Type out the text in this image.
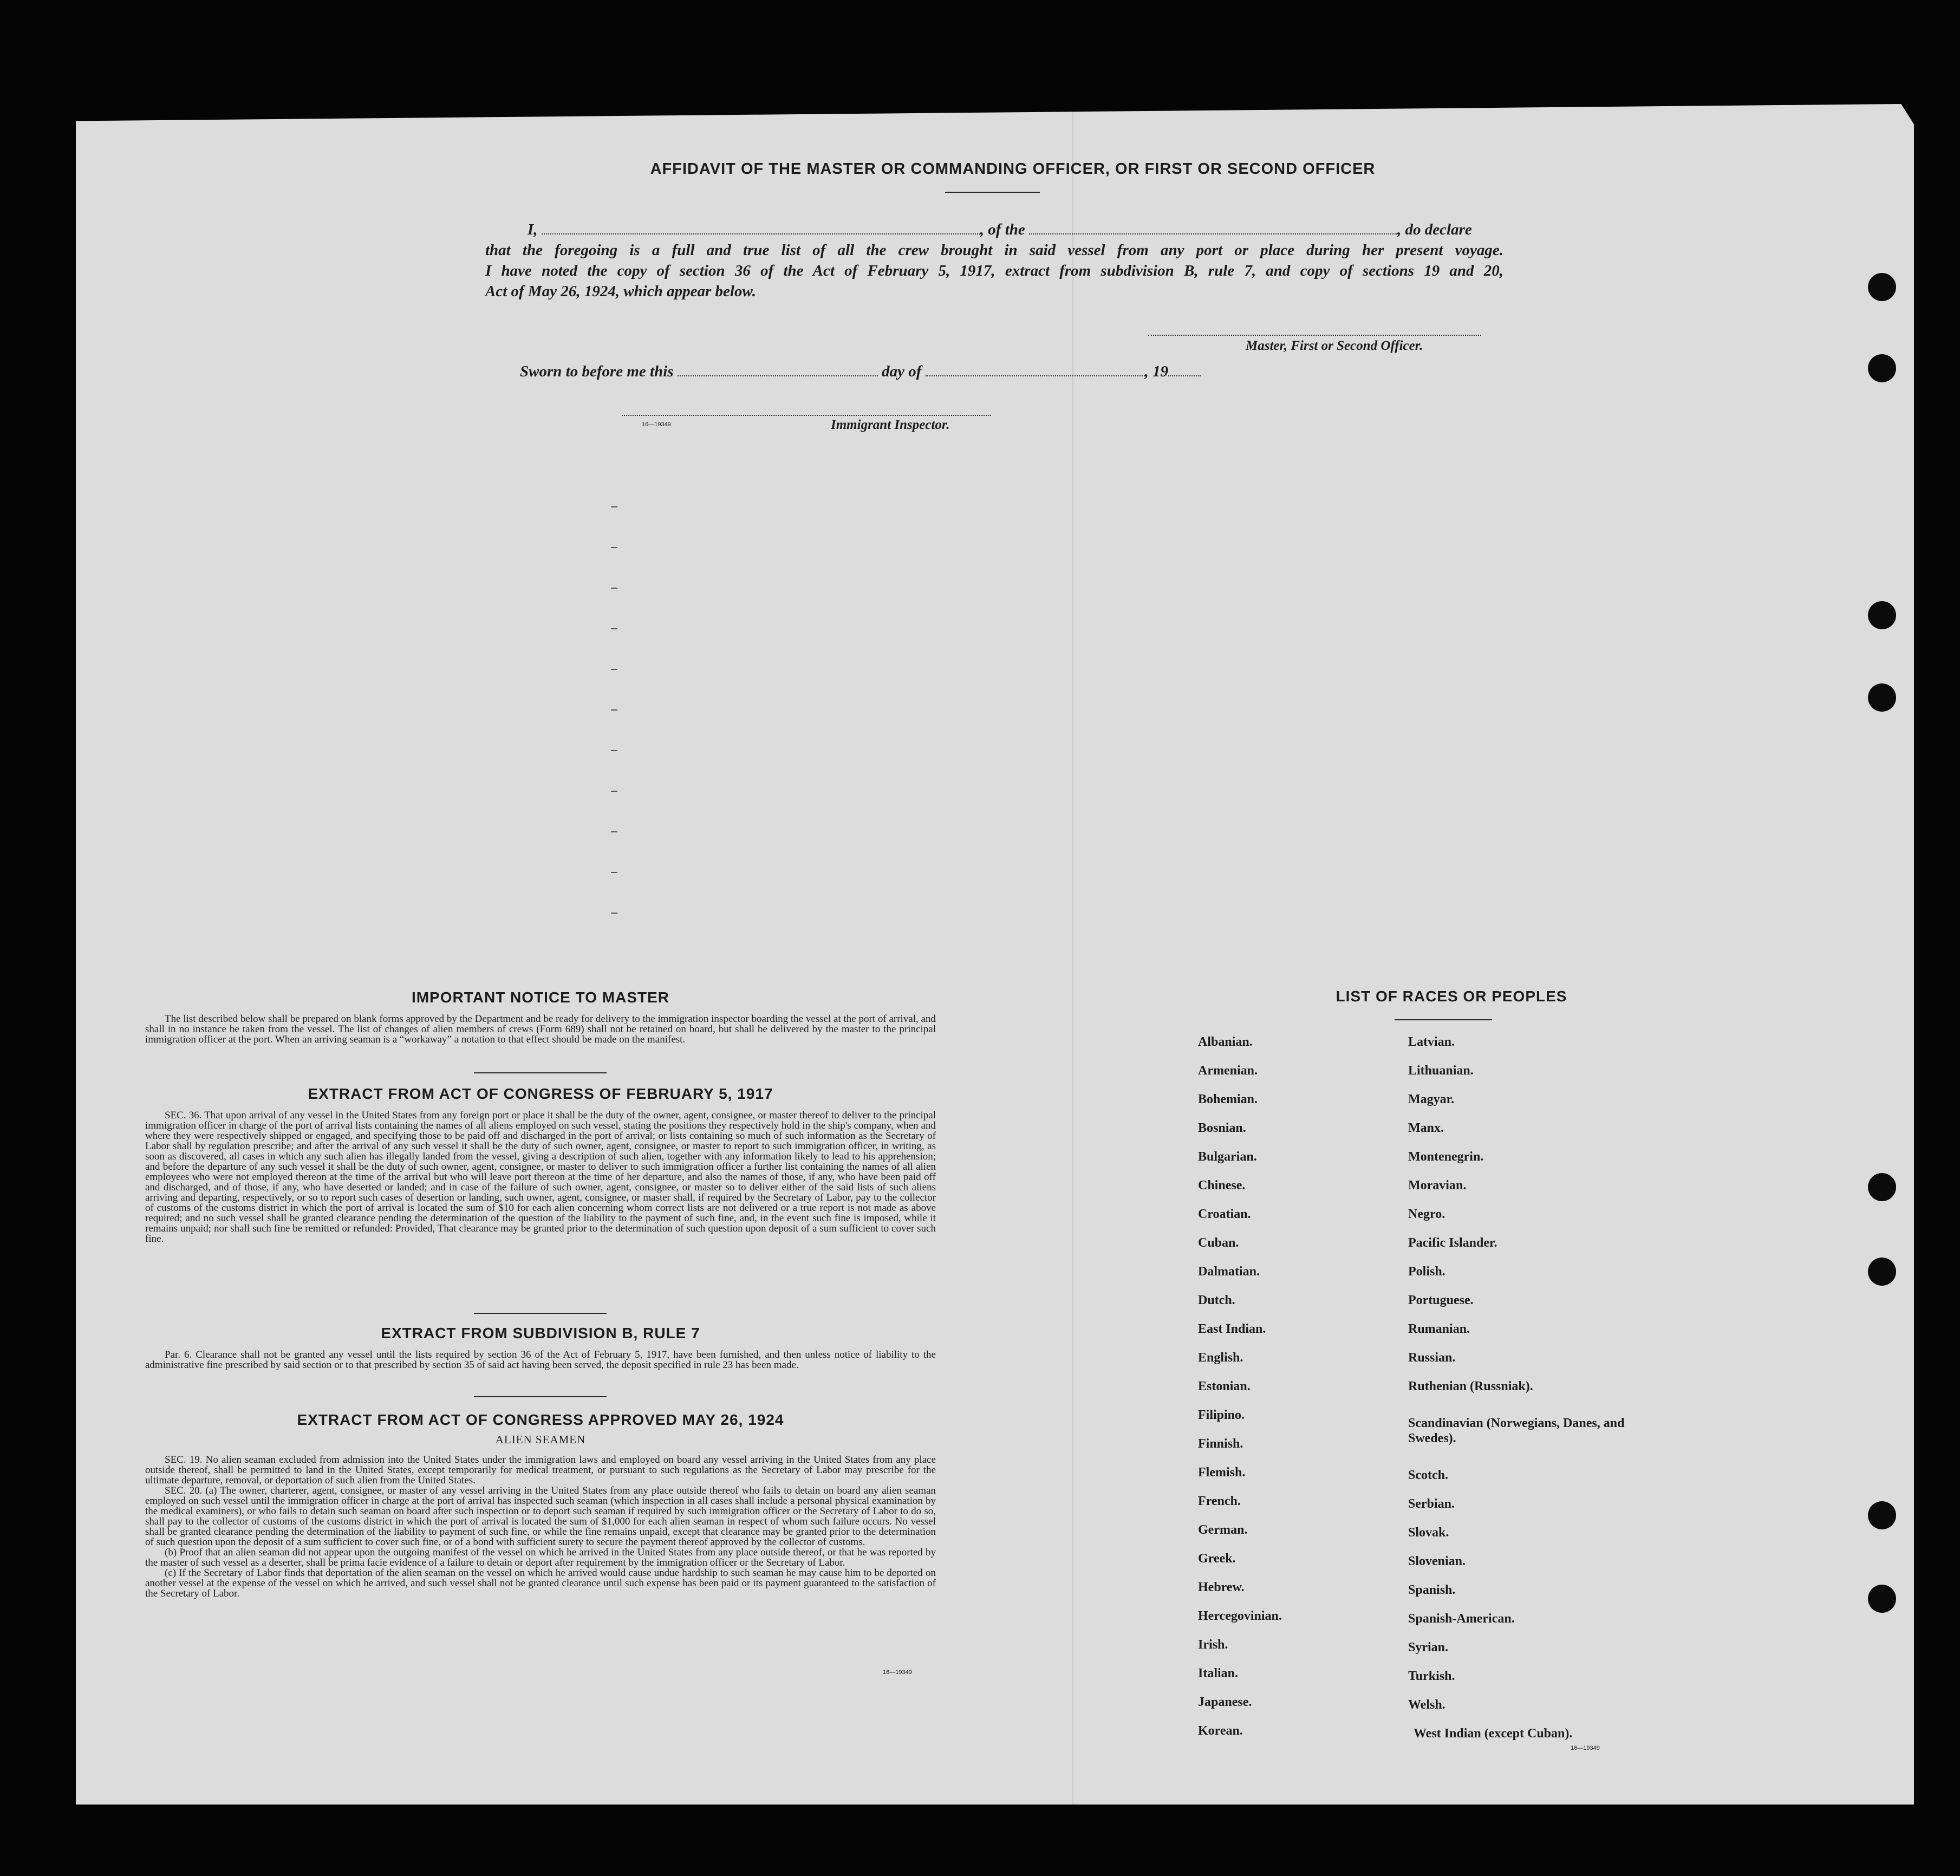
AFFIDAVIT OF THE MASTER OR COMMANDING OFFICER, OR FIRST OR SECOND OFFICER
I,	, of the	, do declare
that the foregoing is a full and true list of all the crew brought in said vessel from any port or place during her present voyage.
I have noted the copy of section 36 of the Act of February 5, 1917, extract from subdivision B, rule 7, and copy of sections 19 and 20,
Act of May 26, 1924, which appear below.
Master, First or Second Officer.
Sworn to before me this	day of	, 19
16—19349	Immigrant Inspector.
IMPORTANT NOTICE TO MASTER

The list described below shall be prepared on blank forms approved by the Department and be ready for delivery to the immigration inspector boarding the vessel at the port of arrival, and shall in no instance be taken from the vessel. The list of changes of alien members of crews (Form 689) shall not be retained on board, but shall be delivered by the master to the principal immigration officer at the port. When an arriving seaman is a “workaway” a notation to that effect should be made on the manifest.

EXTRACT FROM ACT OF CONGRESS OF FEBRUARY 5, 1917

SEC. 36. That upon arrival of any vessel in the United States from any foreign port or place it shall be the duty of the owner, agent, consignee, or master thereof to deliver to the principal immigration officer in charge of the port of arrival lists containing the names of all aliens employed on such vessel, stating the positions they respectively hold in the ship's company, when and where they were respectively shipped or engaged, and specifying those to be paid off and discharged in the port of arrival; or lists containing so much of such information as the Secretary of Labor shall by regulation prescribe; and after the arrival of any such vessel it shall be the duty of such owner, agent, consignee, or master to report to such immigration officer, in writing, as soon as discovered, all cases in which any such alien has illegally landed from the vessel, giving a description of such alien, together with any information likely to lead to his apprehension; and before the departure of any such vessel it shall be the duty of such owner, agent, consignee, or master to deliver to such immigration officer a further list containing the names of all alien employees who were not employed thereon at the time of the arrival but who will leave port thereon at the time of her departure, and also the names of those, if any, who have been paid off and discharged, and of those, if any, who have deserted or landed; and in case of the failure of such owner, agent, consignee, or master so to deliver either of the said lists of such aliens arriving and departing, respectively, or so to report such cases of desertion or landing, such owner, agent, consignee, or master shall, if required by the Secretary of Labor, pay to the collector of customs of the customs district in which the port of arrival is located the sum of $10 for each alien concerning whom correct lists are not delivered or a true report is not made as above required; and no such vessel shall be granted clearance pending the determination of the question of the liability to the payment of such fine, and, in the event such fine is imposed, while it remains unpaid; nor shall such fine be remitted or refunded: Provided, That clearance may be granted prior to the determination of such question upon deposit of a sum sufficient to cover such fine.

EXTRACT FROM SUBDIVISION B, RULE 7

Par. 6. Clearance shall not be granted any vessel until the lists required by section 36 of the Act of February 5, 1917, have been furnished, and then unless notice of liability to the administrative fine prescribed by said section or to that prescribed by section 35 of said act having been served, the deposit specified in rule 23 has been made.

EXTRACT FROM ACT OF CONGRESS APPROVED MAY 26, 1924
ALIEN SEAMEN

SEC. 19. No alien seaman excluded from admission into the United States under the immigration laws and employed on board any vessel arriving in the United States from any place outside thereof, shall be permitted to land in the United States, except temporarily for medical treatment, or pursuant to such regulations as the Secretary of Labor may prescribe for the ultimate departure, removal, or deportation of such alien from the United States.

SEC. 20. (a) The owner, charterer, agent, consignee, or master of any vessel arriving in the United States from any place outside thereof who fails to detain on board any alien seaman employed on such vessel until the immigration officer in charge at the port of arrival has inspected such seaman (which inspection in all cases shall include a personal physical examination by the medical examiners), or who fails to detain such seaman on board after such inspection or to deport such seaman if required by such immigration officer or the Secretary of Labor to do so, shall pay to the collector of customs of the customs district in which the port of arrival is located the sum of $1,000 for each alien seaman in respect of whom such failure occurs. No vessel shall be granted clearance pending the determination of the liability to payment of such fine, or while the fine remains unpaid, except that clearance may be granted prior to the determination of such question upon the deposit of a sum sufficient to cover such fine, or of a bond with sufficient surety to secure the payment thereof approved by the collector of customs.

(b) Proof that an alien seaman did not appear upon the outgoing manifest of the vessel on which he arrived in the United States from any place outside thereof, or that he was reported by the master of such vessel as a deserter, shall be prima facie evidence of a failure to detain or deport after requirement by the immigration officer or the Secretary of Labor.

(c) If the Secretary of Labor finds that deportation of the alien seaman on the vessel on which he arrived would cause undue hardship to such seaman he may cause him to be deported on another vessel at the expense of the vessel on which he arrived, and such vessel shall not be granted clearance until such expense has been paid or its payment guaranteed to the satisfaction of the Secretary of Labor.

16—19349
LIST OF RACES OR PEOPLES
Albanian.
Armenian.
Bohemian.
Bosnian.
Bulgarian.
Chinese.
Croatian.
Cuban.
Dalmatian.
Dutch.
East Indian.
English.
Estonian.
Filipino.
Finnish.
Flemish.
French.
German.
Greek.
Hebrew.
Hercegovinian.
Irish.
Italian.
Japanese.
Korean.
Latvian.
Lithuanian.
Magyar.
Manx.
Montenegrin.
Moravian.
Negro.
Pacific Islander.
Polish.
Portuguese.
Rumanian.
Russian.
Ruthenian (Russniak).
Scandinavian (Norwegians, Danes, and Swedes).
Scotch.
Serbian.
Slovak.
Slovenian.
Spanish.
Spanish-American.
Syrian.
Turkish.
Welsh.
West Indian (except Cuban).
16—19349
